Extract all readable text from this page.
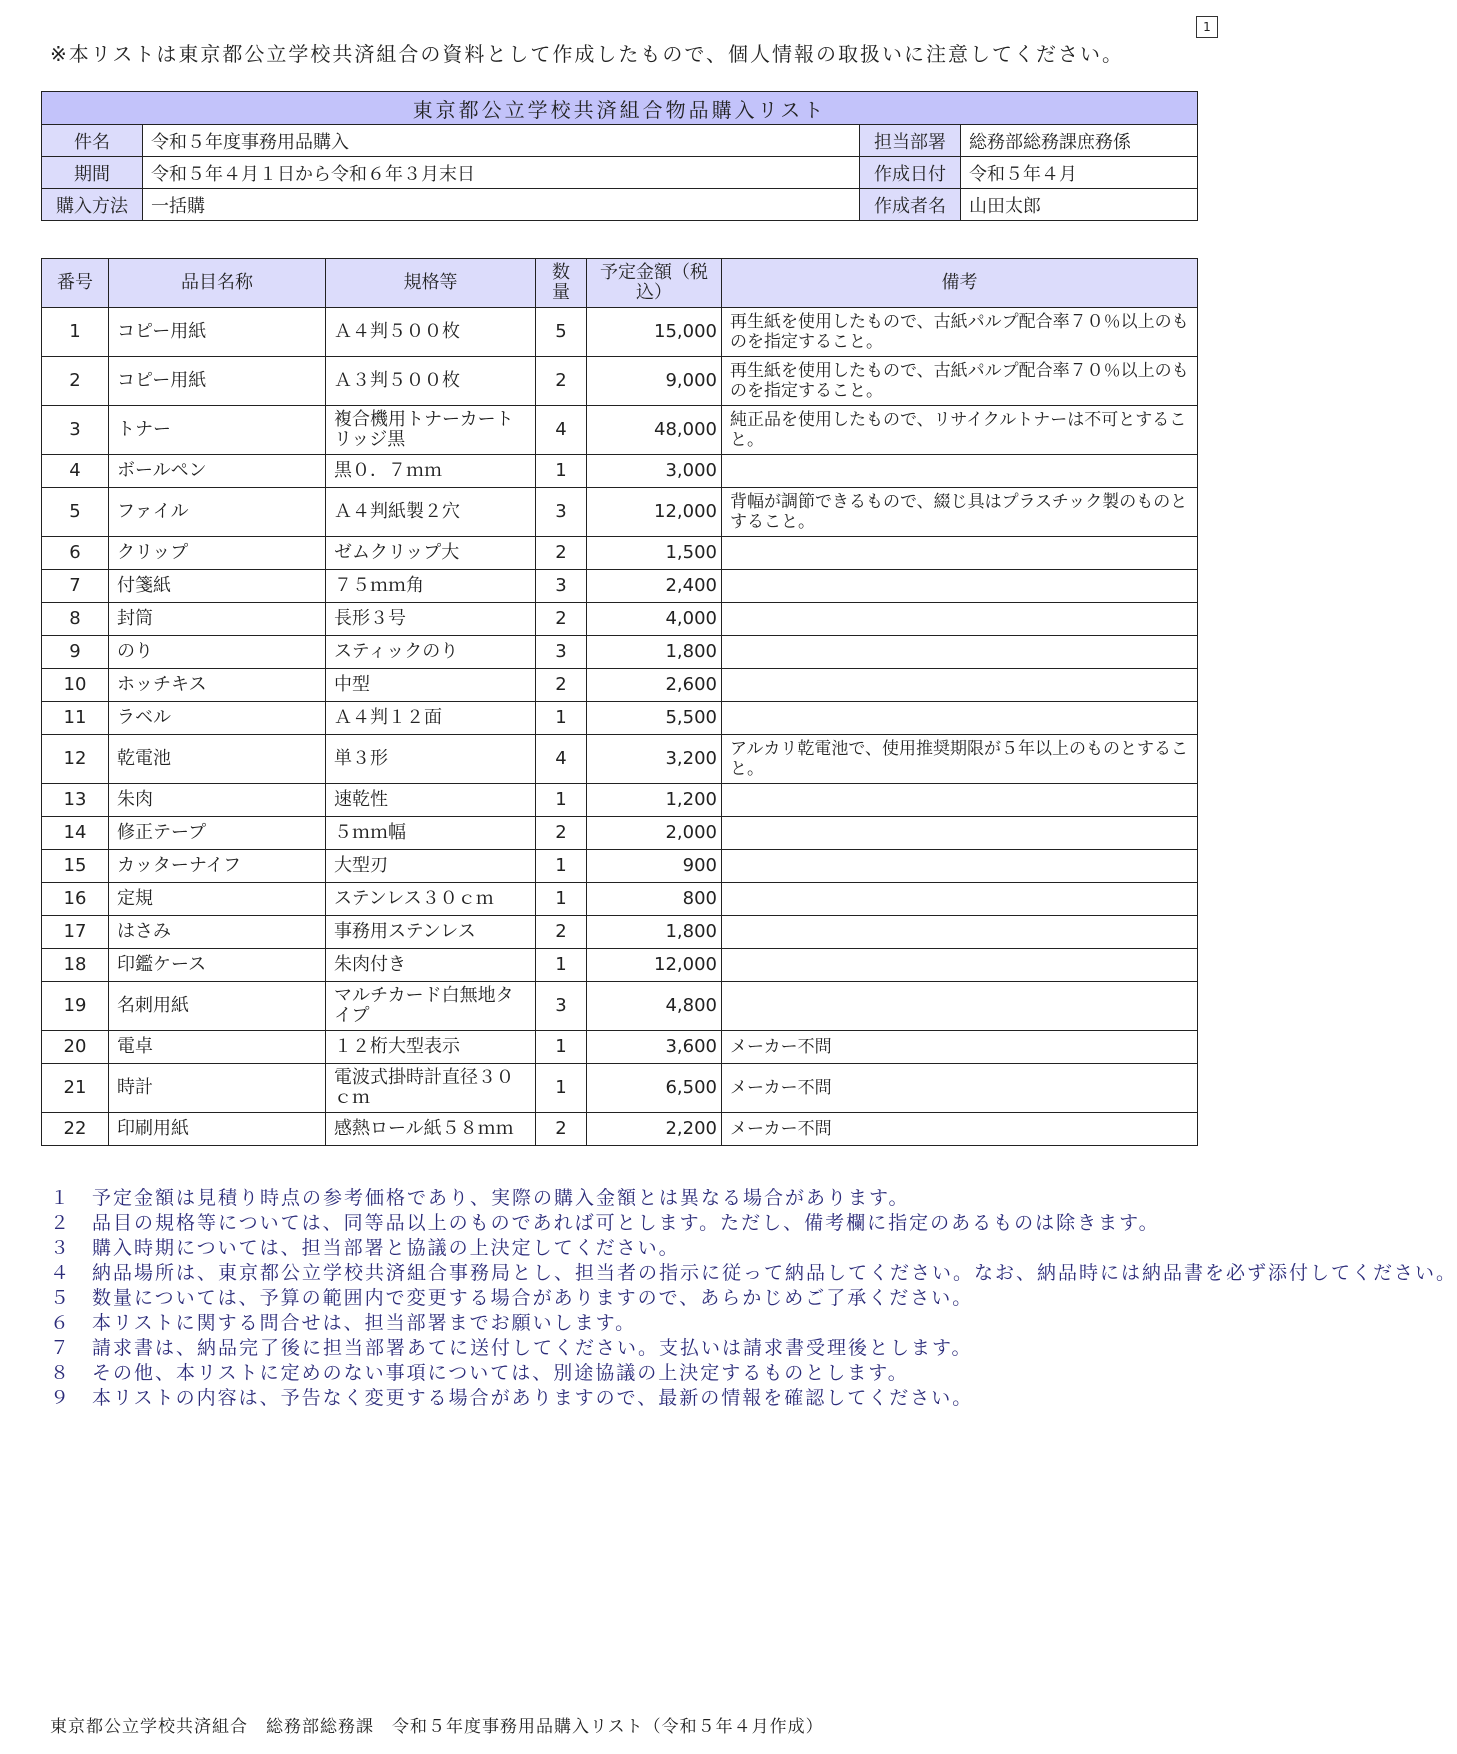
1
※本リストは東京都公立学校共済組合の資料として作成したもので、個人情報の取扱いに注意してください。
東京都公立学校共済組合物品購入リスト			
件名	令和５年度事務用品購入	担当部署	総務部総務課庶務係
期間	令和５年４月１日から令和６年３月末日	作成日付	令和５年４月
購入方法	一括購	作成者名	山田太郎
番号	品目名称	規格等	数量	予定金額（税込）	備考
1	コピー用紙	Ａ４判５００枚	5	15,000	再生紙を使用したもので、古紙パルプ配合率７０％以上のものを指定すること。
2	コピー用紙	Ａ３判５００枚	2	9,000	再生紙を使用したもので、古紙パルプ配合率７０％以上のものを指定すること。
3	トナー	複合機用トナーカートリッジ黒	4	48,000	純正品を使用したもので、リサイクルトナーは不可とすること。
4	ボールペン	黒０．７ｍｍ	1	3,000	
5	ファイル	Ａ４判紙製２穴	3	12,000	背幅が調節できるもので、綴じ具はプラスチック製のものとすること。
6	クリップ	ゼムクリップ大	2	1,500	
7	付箋紙	７５ｍｍ角	3	2,400	
8	封筒	長形３号	2	4,000	
9	のり	スティックのり	3	1,800	
10	ホッチキス	中型	2	2,600	
11	ラベル	Ａ４判１２面	1	5,500	
12	乾電池	単３形	4	3,200	アルカリ乾電池で、使用推奨期限が５年以上のものとすること。
13	朱肉	速乾性	1	1,200	
14	修正テープ	５ｍｍ幅	2	2,000	
15	カッターナイフ	大型刃	1	900	
16	定規	ステンレス３０ｃｍ	1	800	
17	はさみ	事務用ステンレス	2	1,800	
18	印鑑ケース	朱肉付き	1	12,000	
19	名刺用紙	マルチカード白無地タイプ	3	4,800	
20	電卓	１２桁大型表示	1	3,600	メーカー不問
21	時計	電波式掛時計直径３０ｃｍ	1	6,500	メーカー不問
22	印刷用紙	感熱ロール紙５８ｍｍ	2	2,200	メーカー不問
１　予定金額は見積り時点の参考価格であり、実際の購入金額とは異なる場合があります。
２　品目の規格等については、同等品以上のものであれば可とします。ただし、備考欄に指定のあるものは除きます。
３　購入時期については、担当部署と協議の上決定してください。
４　納品場所は、東京都公立学校共済組合事務局とし、担当者の指示に従って納品してください。なお、納品時には納品書を必ず添付してください。
５　数量については、予算の範囲内で変更する場合がありますので、あらかじめご了承ください。
６　本リストに関する問合せは、担当部署までお願いします。
７　請求書は、納品完了後に担当部署あてに送付してください。支払いは請求書受理後とします。
８　その他、本リストに定めのない事項については、別途協議の上決定するものとします。
９　本リストの内容は、予告なく変更する場合がありますので、最新の情報を確認してください。
東京都公立学校共済組合　総務部総務課　令和５年度事務用品購入リスト（令和５年４月作成）
